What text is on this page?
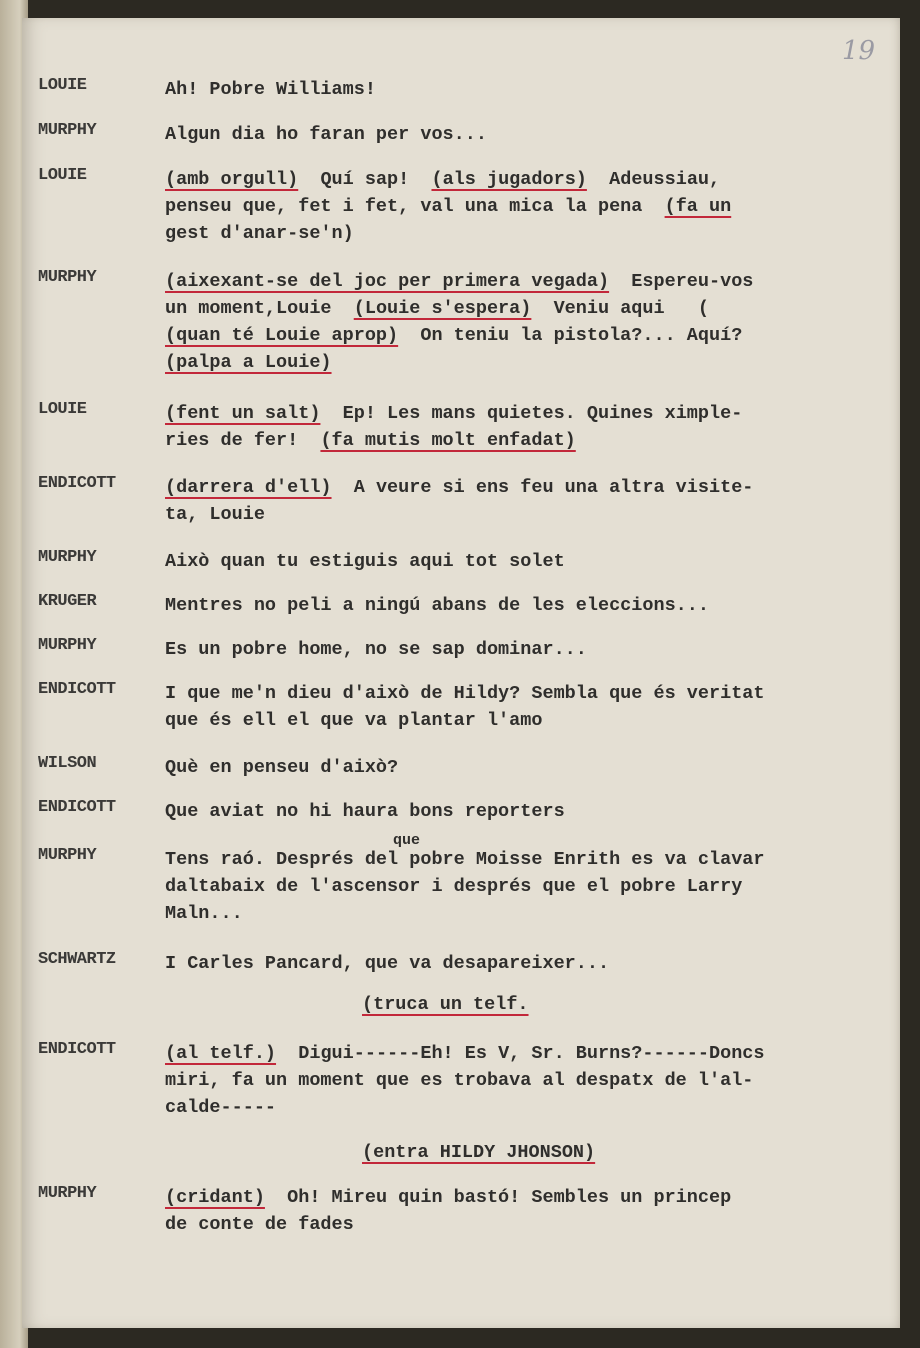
19
LOUIE	Ah! Pobre Williams!
MURPHY	Algun dia ho faran per vos...
LOUIE	(amb orgull)  Quí sap!  (als jugadors)  Adeussiau,
penseu que, fet i fet, val una mica la pena  (fa un
gest d'anar-se'n)
MURPHY	(aixexant-se del joc per primera vegada)  Espereu-vos
un moment,Louie  (Louie s'espera)  Veniu aqui   (
(quan té Louie aprop)  On teniu la pistola?... Aquí?
(palpa a Louie)
LOUIE	(fent un salt)  Ep! Les mans quietes. Quines ximple-
ries de fer!  (fa mutis molt enfadat)
ENDICOTT	(darrera d'ell)  A veure si ens feu una altra visite-
ta, Louie
MURPHY	Això quan tu estiguis aqui tot solet
KRUGER	Mentres no peli a ningú abans de les eleccions...
MURPHY	Es un pobre home, no se sap dominar...
ENDICOTT	I que me'n dieu d'això de Hildy? Sembla que és veritat
que és ell el que va plantar l'amo
WILSON	Què en penseu d'això?
ENDICOTT	Que aviat no hi haura bons reporters
MURPHY	Tens raó. Després del pobre Moisse Enrith es va clavar
daltabaix de l'ascensor i després que el pobre Larry
Maln...
que
SCHWARTZ	I Carles Pancard, que va desapareixer...
(truca un telf.
ENDICOTT	(al telf.)  Digui------Eh! Es V, Sr. Burns?------Doncs
miri, fa un moment que es trobava al despatx de l'al-
calde-----
(entra HILDY JHONSON)
MURPHY	(cridant)  Oh! Mireu quin bastó! Sembles un princep
de conte de fades
